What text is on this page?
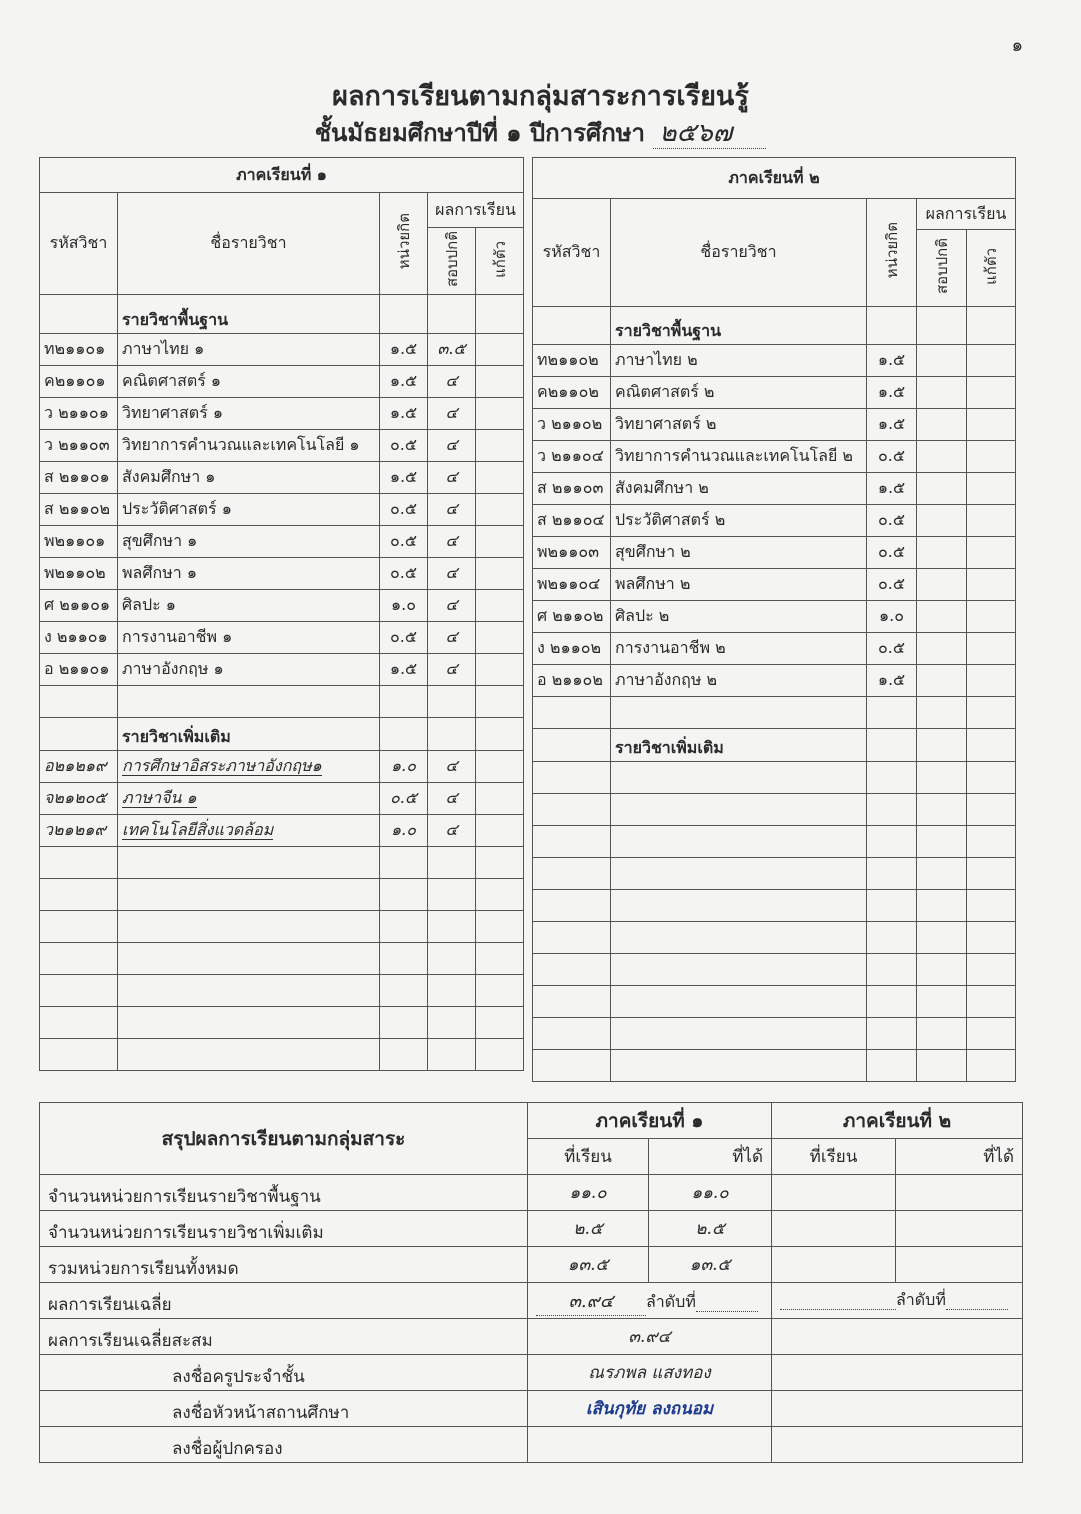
๑
ผลการเรียนตามกลุ่มสาระการเรียนรู้
ชั้นมัธยมศึกษาปีที่ ๑ ปีการศึกษา ๒๕๖๗
ภาคเรียนที่ ๑				
รหัสวิชา	ชื่อรายวิชา	หน่วยกิต	ผลการเรียน	
			สอบปกติ	แก้ตัว
	รายวิชาพื้นฐาน			
ท๒๑๑๐๑	ภาษาไทย ๑	๑.๕	๓.๕	
ค๒๑๑๐๑	คณิตศาสตร์ ๑	๑.๕	๔	
ว ๒๑๑๐๑	วิทยาศาสตร์ ๑	๑.๕	๔	
ว ๒๑๑๐๓	วิทยาการคำนวณและเทคโนโลยี ๑	๐.๕	๔	
ส ๒๑๑๐๑	สังคมศึกษา ๑	๑.๕	๔	
ส ๒๑๑๐๒	ประวัติศาสตร์ ๑	๐.๕	๔	
พ๒๑๑๐๑	สุขศึกษา ๑	๐.๕	๔	
พ๒๑๑๐๒	พลศึกษา ๑	๐.๕	๔	
ศ ๒๑๑๐๑	ศิลปะ ๑	๑.๐	๔	
ง ๒๑๑๐๑	การงานอาชีพ ๑	๐.๕	๔	
อ ๒๑๑๐๑	ภาษาอังกฤษ ๑	๑.๕	๔	

	รายวิชาเพิ่มเติม			
อ๒๑๒๑๙	การศึกษาอิสระภาษาอังกฤษ๑	๑.๐	๔	
จ๒๑๒๐๕	ภาษาจีน ๑	๐.๕	๔	
ว๒๑๒๑๙	เทคโนโลยีสิ่งแวดล้อม	๑.๐	๔	

ภาคเรียนที่ ๒				
รหัสวิชา	ชื่อรายวิชา	หน่วยกิต	ผลการเรียน	
			สอบปกติ	แก้ตัว
	รายวิชาพื้นฐาน			
ท๒๑๑๐๒	ภาษาไทย ๒	๑.๕		
ค๒๑๑๐๒	คณิตศาสตร์ ๒	๑.๕		
ว ๒๑๑๐๒	วิทยาศาสตร์ ๒	๑.๕		
ว ๒๑๑๐๔	วิทยาการคำนวณและเทคโนโลยี ๒	๐.๕		
ส ๒๑๑๐๓	สังคมศึกษา ๒	๑.๕		
ส ๒๑๑๐๔	ประวัติศาสตร์ ๒	๐.๕		
พ๒๑๑๐๓	สุขศึกษา ๒	๐.๕		
พ๒๑๑๐๔	พลศึกษา ๒	๐.๕		
ศ ๒๑๑๐๒	ศิลปะ ๒	๑.๐		
ง ๒๑๑๐๒	การงานอาชีพ ๒	๐.๕		
อ ๒๑๑๐๒	ภาษาอังกฤษ ๒	๑.๕		

	รายวิชาเพิ่มเติม			

สรุปผลการเรียนตามกลุ่มสาระ	ภาคเรียนที่ ๑		ภาคเรียนที่ ๒	
	ที่เรียน	ที่ได้	ที่เรียน	ที่ได้
จำนวนหน่วยการเรียนรายวิชาพื้นฐาน	๑๑.๐	๑๑.๐		
จำนวนหน่วยการเรียนรายวิชาเพิ่มเติม	๒.๕	๒.๕		
รวมหน่วยการเรียนทั้งหมด	๑๓.๕	๑๓.๕		
ผลการเรียนเฉลี่ย	๓.๙๔ ลำดับที่		ลำดับที่	
ผลการเรียนเฉลี่ยสะสม	๓.๙๔			
ลงชื่อครูประจำชั้น	ณรภพล แสงทอง			
ลงชื่อหัวหน้าสถานศึกษา	เสินกุทัย ลงถนอม			
ลงชื่อผู้ปกครอง				
